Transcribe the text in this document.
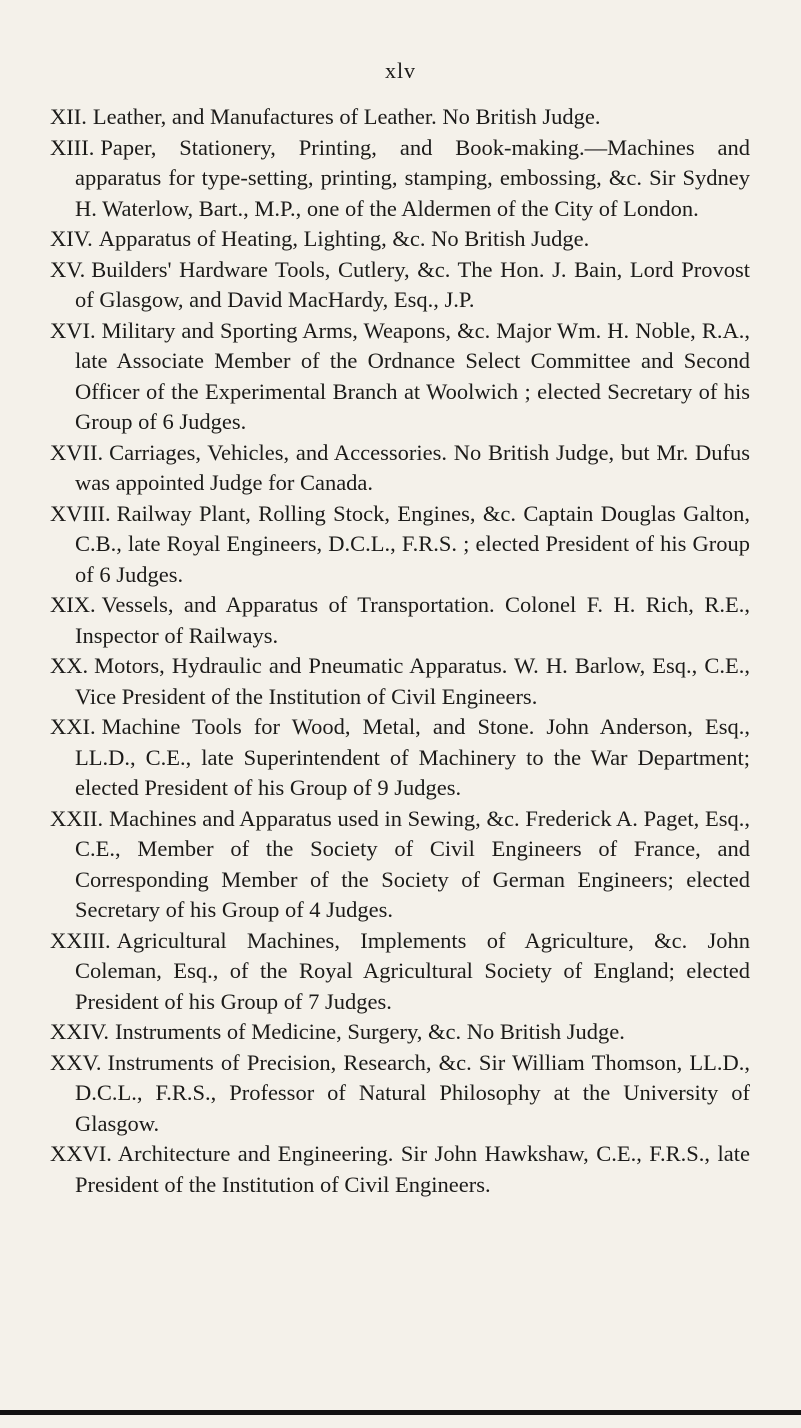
xlv

XII. Leather, and Manufactures of Leather. No British Judge.

XIII. Paper, Stationery, Printing, and Book-making.—Machines and apparatus for type-setting, printing, stamping, embossing, &c. Sir Sydney H. Waterlow, Bart., M.P., one of the Aldermen of the City of London.

XIV. Apparatus of Heating, Lighting, &c. No British Judge.

XV. Builders' Hardware Tools, Cutlery, &c. The Hon. J. Bain, Lord Provost of Glasgow, and David MacHardy, Esq., J.P.

XVI. Military and Sporting Arms, Weapons, &c. Major Wm. H. Noble, R.A., late Associate Member of the Ordnance Select Committee and Second Officer of the Experimental Branch at Woolwich ; elected Secretary of his Group of 6 Judges.

XVII. Carriages, Vehicles, and Accessories. No British Judge, but Mr. Dufus was appointed Judge for Canada.

XVIII. Railway Plant, Rolling Stock, Engines, &c. Captain Douglas Galton, C.B., late Royal Engineers, D.C.L., F.R.S. ; elected President of his Group of 6 Judges.

XIX. Vessels, and Apparatus of Transportation. Colonel F. H. Rich, R.E., Inspector of Railways.

XX. Motors, Hydraulic and Pneumatic Apparatus. W. H. Barlow, Esq., C.E., Vice President of the Institution of Civil Engineers.

XXI. Machine Tools for Wood, Metal, and Stone. John Anderson, Esq., LL.D., C.E., late Superintendent of Machinery to the War Department; elected President of his Group of 9 Judges.

XXII. Machines and Apparatus used in Sewing, &c. Frederick A. Paget, Esq., C.E., Member of the Society of Civil Engineers of France, and Corresponding Member of the Society of German Engineers; elected Secretary of his Group of 4 Judges.

XXIII. Agricultural Machines, Implements of Agriculture, &c. John Coleman, Esq., of the Royal Agricultural Society of England; elected President of his Group of 7 Judges.

XXIV. Instruments of Medicine, Surgery, &c. No British Judge.

XXV. Instruments of Precision, Research, &c. Sir William Thomson, LL.D., D.C.L., F.R.S., Professor of Natural Philosophy at the University of Glasgow.

XXVI. Architecture and Engineering. Sir John Hawkshaw, C.E., F.R.S., late President of the Institution of Civil Engineers.
